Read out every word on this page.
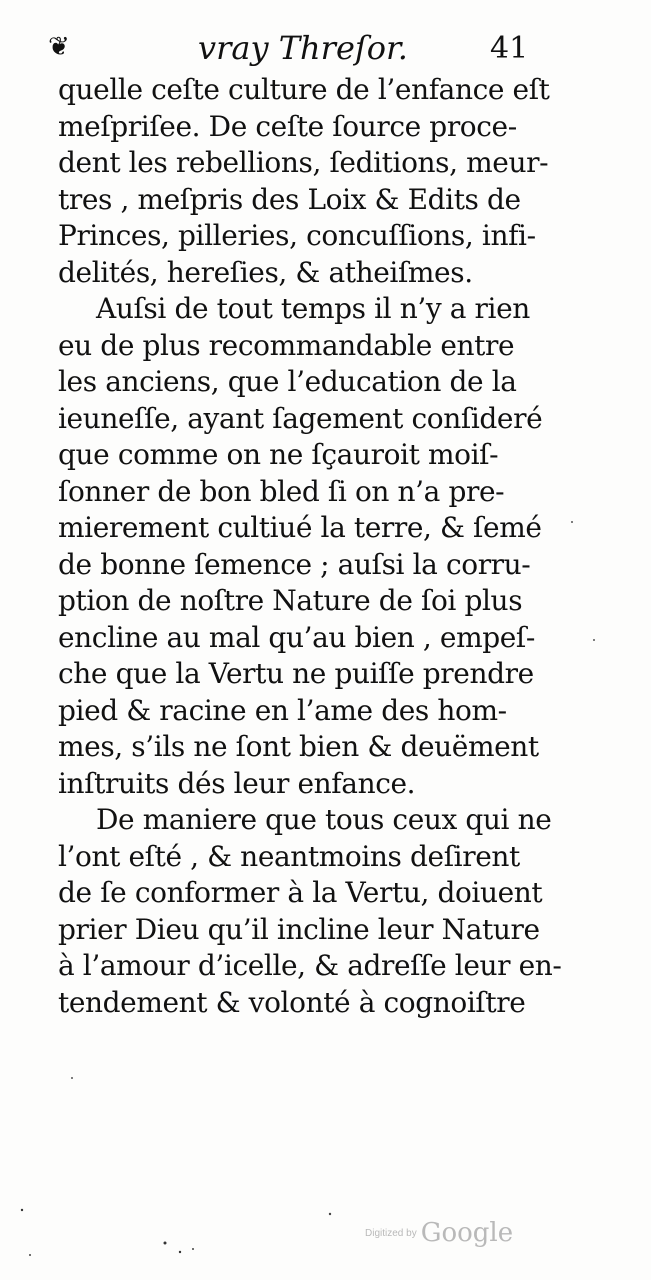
❦	vray Threſor.	41
quelle ceſte culture de l’enfance eſt
meſpriſee. De ceſte ſource proce-
dent les rebellions, ſeditions, meur-
tres , meſpris des Loix & Edits de
Princes, pilleries, concuſſions, infi-
delités, hereſies, & atheiſmes.
Auſsi de tout temps il n’y a rien
eu de plus recommandable entre
les anciens, que l’education de la
ieuneſſe, ayant ſagement conſideré
que comme on ne ſçauroit moiſ-
ſonner de bon bled ſi on n’a pre-
mierement cultiué la terre, & ſemé
de bonne ſemence ; auſsi la corru-
ption de noſtre Nature de ſoi plus
encline au mal qu’au bien , empeſ-
che que la Vertu ne puiſſe prendre
pied & racine en l’ame des hom-
mes, s’ils ne ſont bien & deuëment
inſtruits dés leur enfance.
De maniere que tous ceux qui ne
l’ont eſté , & neantmoins deſirent
de ſe conformer à la Vertu, doiuent
prier Dieu qu’il incline leur Nature
à l’amour d’icelle, & adreſſe leur en-
tendement & volonté à cognoiſtre
Digitized by Google
